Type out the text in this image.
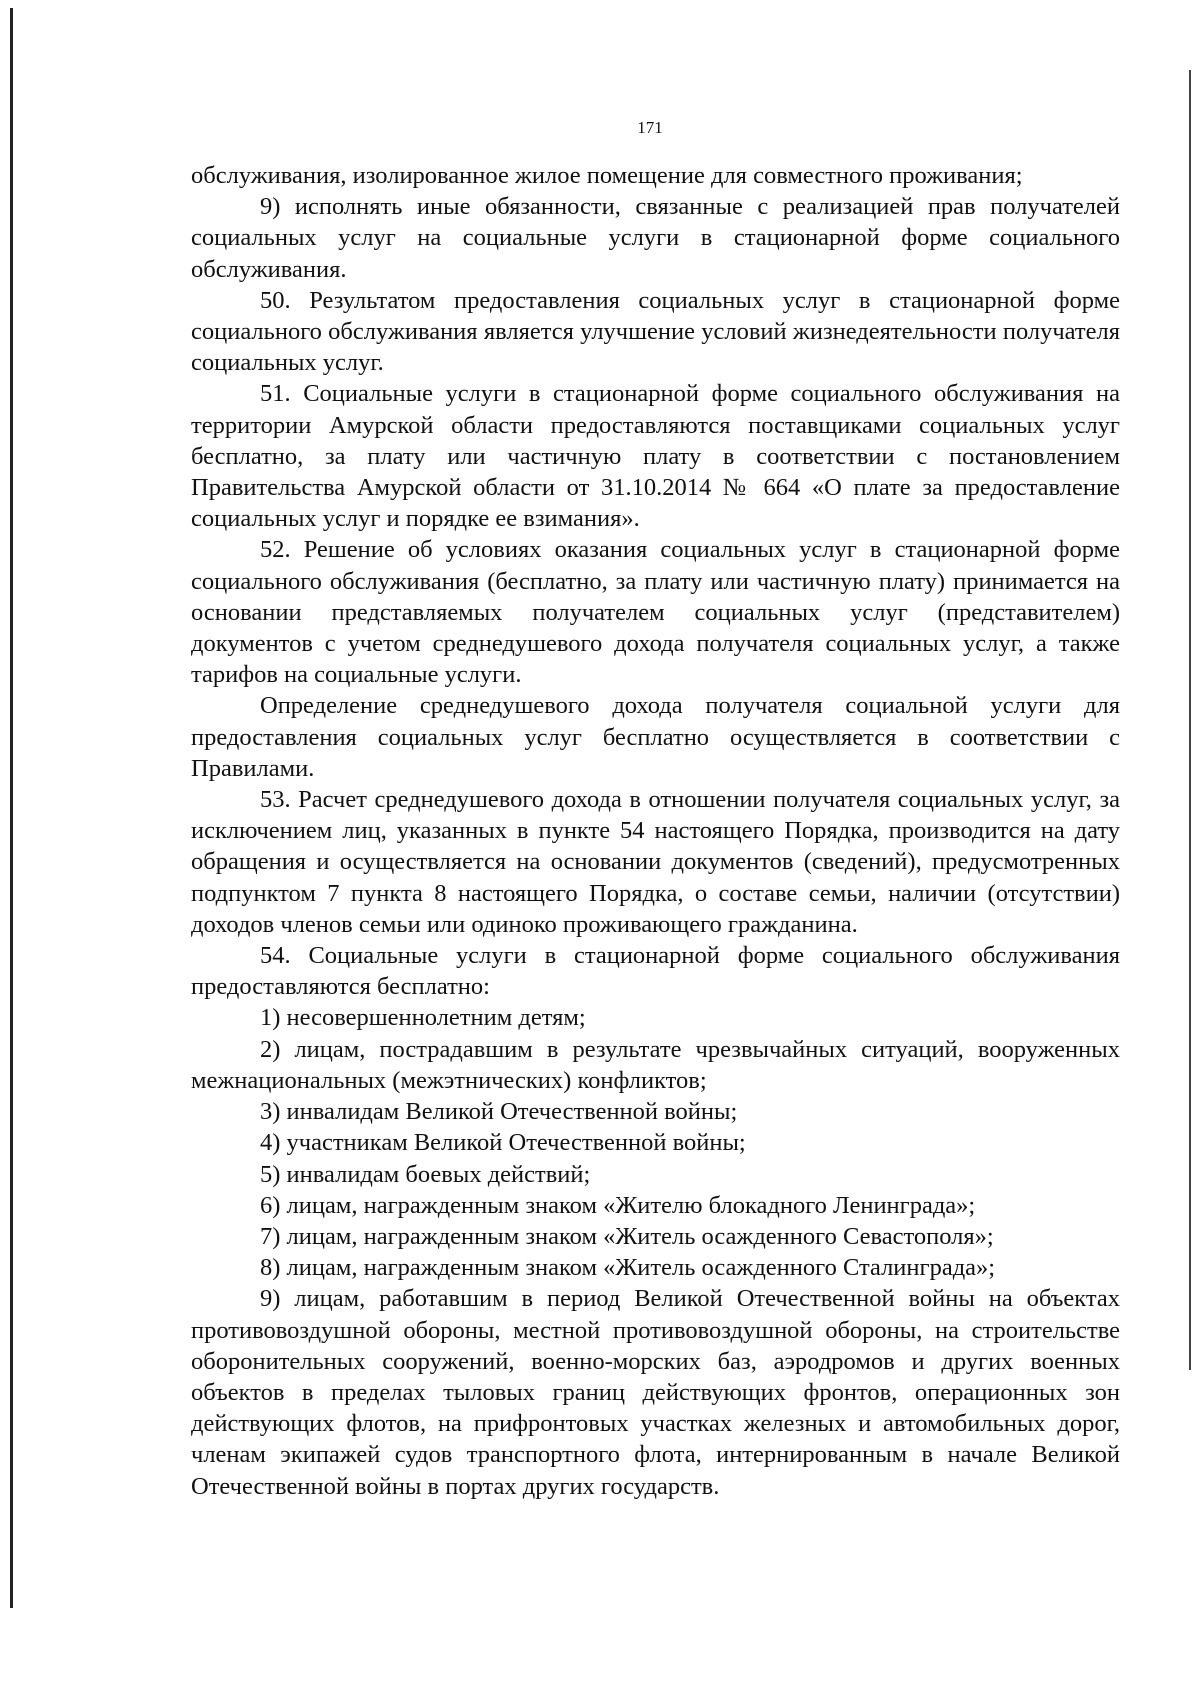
171

обслуживания, изолированное жилое помещение для совместного проживания;

9) исполнять иные обязанности, связанные с реализацией прав получателей социальных услуг на социальные услуги в стационарной форме социального обслуживания.

50. Результатом предоставления социальных услуг в стационарной форме социального обслуживания является улучшение условий жизнедеятельности получателя социальных услуг.

51. Социальные услуги в стационарной форме социального обслуживания на территории Амурской области предоставляются поставщиками социальных услуг бесплатно, за плату или частичную плату в соответствии с постановлением Правительства Амурской области от 31.10.2014 № 664 «О плате за предоставление социальных услуг и порядке ее взимания».

52. Решение об условиях оказания социальных услуг в стационарной форме социального обслуживания (бесплатно, за плату или частичную плату) принимается на основании представляемых получателем социальных услуг (представителем) документов с учетом среднедушевого дохода получателя социальных услуг, а также тарифов на социальные услуги.

Определение среднедушевого дохода получателя социальной услуги для предоставления социальных услуг бесплатно осуществляется в соответствии с Правилами.

53. Расчет среднедушевого дохода в отношении получателя социальных услуг, за исключением лиц, указанных в пункте 54 настоящего Порядка, производится на дату обращения и осуществляется на основании документов (сведений), предусмотренных подпунктом 7 пункта 8 настоящего Порядка, о составе семьи, наличии (отсутствии) доходов членов семьи или одиноко проживающего гражданина.

54. Социальные услуги в стационарной форме социального обслуживания предоставляются бесплатно:

1) несовершеннолетним детям;

2) лицам, пострадавшим в результате чрезвычайных ситуаций, вооруженных межнациональных (межэтнических) конфликтов;

3) инвалидам Великой Отечественной войны;

4) участникам Великой Отечественной войны;

5) инвалидам боевых действий;

6) лицам, награжденным знаком «Жителю блокадного Ленинграда»;

7) лицам, награжденным знаком «Житель осажденного Севастополя»;

8) лицам, награжденным знаком «Житель осажденного Сталинграда»;

9) лицам, работавшим в период Великой Отечественной войны на объектах противовоздушной обороны, местной противовоздушной обороны, на строительстве оборонительных сооружений, военно-морских баз, аэродромов и других военных объектов в пределах тыловых границ действующих фронтов, операционных зон действующих флотов, на прифронтовых участках железных и автомобильных дорог, членам экипажей судов транспортного флота, интернированным в начале Великой Отечественной войны в портах других государств.
